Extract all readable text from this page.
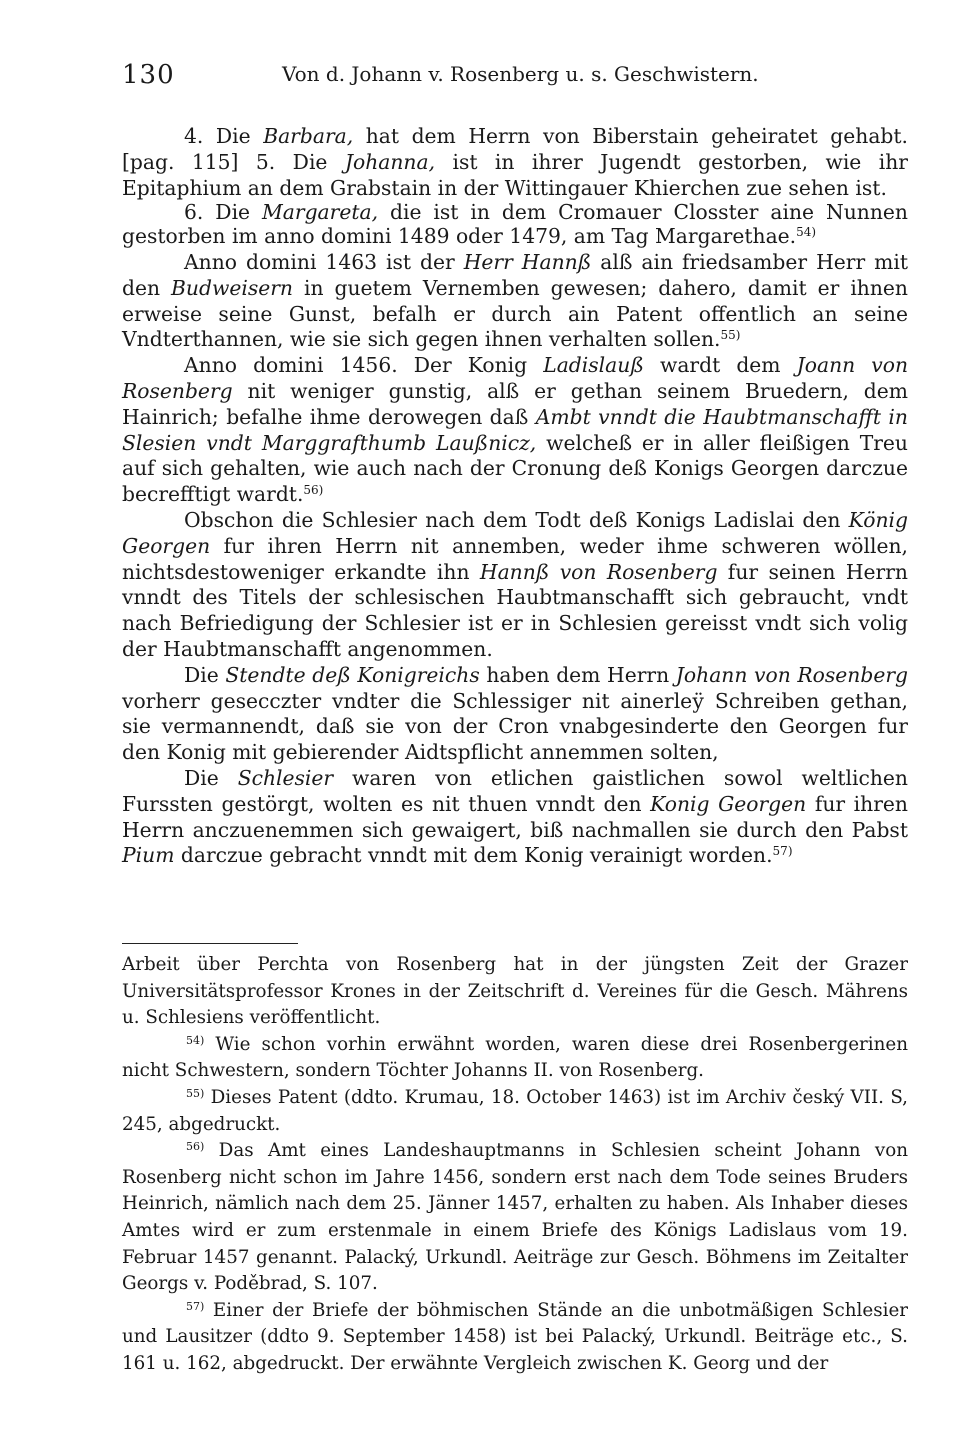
130	Von d. Johann v. Rosenberg u. s. Geschwistern.

4. Die Barbara, hat dem Herrn von Biberstain geheiratet gehabt. [pag. 115] 5. Die Johanna, ist in ihrer Jugendt gestorben, wie ihr Epitaphium an dem Grabstain in der Wittingauer Khierchen zue sehen ist.

6. Die Margareta, die ist in dem Cromauer Closster aine Nunnen gestorben im anno domini 1489 oder 1479, am Tag Margarethae.$^{54)}$

Anno domini 1463 ist der Herr Hannß alß ain friedsamber Herr mit den Budweisern in guetem Vernemben gewesen; dahero, damit er ihnen erweise seine Gunst, befalh er durch ain Patent offentlich an seine Vndterthannen, wie sie sich gegen ihnen verhalten sollen.$^{55)}$

Anno domini 1456. Der Konig Ladislauß wardt dem Joann von Rosenberg nit weniger gunstig, alß er gethan seinem Bruedern, dem Hainrich; befalhe ihme derowegen daß Ambt vnndt die Haubtmanschafft in Slesien vndt Marggrafthumb Laußnicz, welcheß er in aller fleißigen Treu auf sich gehalten, wie auch nach der Cronung deß Konigs Georgen darczue becrefftigt wardt.$^{56)}$

Obschon die Schlesier nach dem Todt deß Konigs Ladislai den König Georgen fur ihren Herrn nit annemben, weder ihme schweren wöllen, nichtsdestoweniger erkandte ihn Hannß von Rosenberg fur seinen Herrn vnndt des Titels der schlesischen Haubtmanschafft sich gebraucht, vndt nach Befriedigung der Schlesier ist er in Schlesien gereisst vndt sich volig der Haubtmanschafft angenommen.

Die Stendte deß Konigreichs haben dem Herrn Johann von Rosenberg vorherr gesecczter vndter die Schlessiger nit ainerleӱ Schreiben gethan, sie vermannendt, daß sie von der Cron vnabgesinderte den Georgen fur den Konig mit gebierender Aidtspflicht annemmen solten,

Die Schlesier waren von etlichen gaistlichen sowol weltlichen Furssten gestörgt, wolten es nit thuen vnndt den Konig Georgen fur ihren Herrn anczuenemmen sich gewaigert, biß nachmallen sie durch den Pabst Pium darczue gebracht vnndt mit dem Konig verainigt worden.$^{57)}$

Arbeit über Perchta von Rosenberg hat in der jüngsten Zeit der Grazer Universitätsprofessor Krones in der Zeitschrift d. Vereines für die Gesch. Mährens u. Schlesiens veröffentlicht.

$^{54)}$ Wie schon vorhin erwähnt worden, waren diese drei Rosenbergerinen nicht Schwestern, sondern Töchter Johanns II. von Rosenberg.

$^{55)}$ Dieses Patent (ddto. Krumau, 18. October 1463) ist im Archiv český VII. S, 245, abgedruckt.

$^{56)}$ Das Amt eines Landeshauptmanns in Schlesien scheint Johann von Rosenberg nicht schon im Jahre 1456, sondern erst nach dem Tode seines Bruders Heinrich, nämlich nach dem 25. Jänner 1457, erhalten zu haben. Als Inhaber dieses Amtes wird er zum erstenmale in einem Briefe des Königs Ladislaus vom 19. Februar 1457 genannt. Palacký, Urkundl. Aeiträge zur Gesch. Böhmens im Zeitalter Georgs v. Poděbrad, S. 107.

$^{57)}$ Einer der Briefe der böhmischen Stände an die unbotmäßigen Schlesier und Lausitzer (ddto 9. September 1458) ist bei Palacký, Urkundl. Beiträge etc., S. 161 u. 162, abgedruckt. Der erwähnte Vergleich zwischen K. Georg und der
